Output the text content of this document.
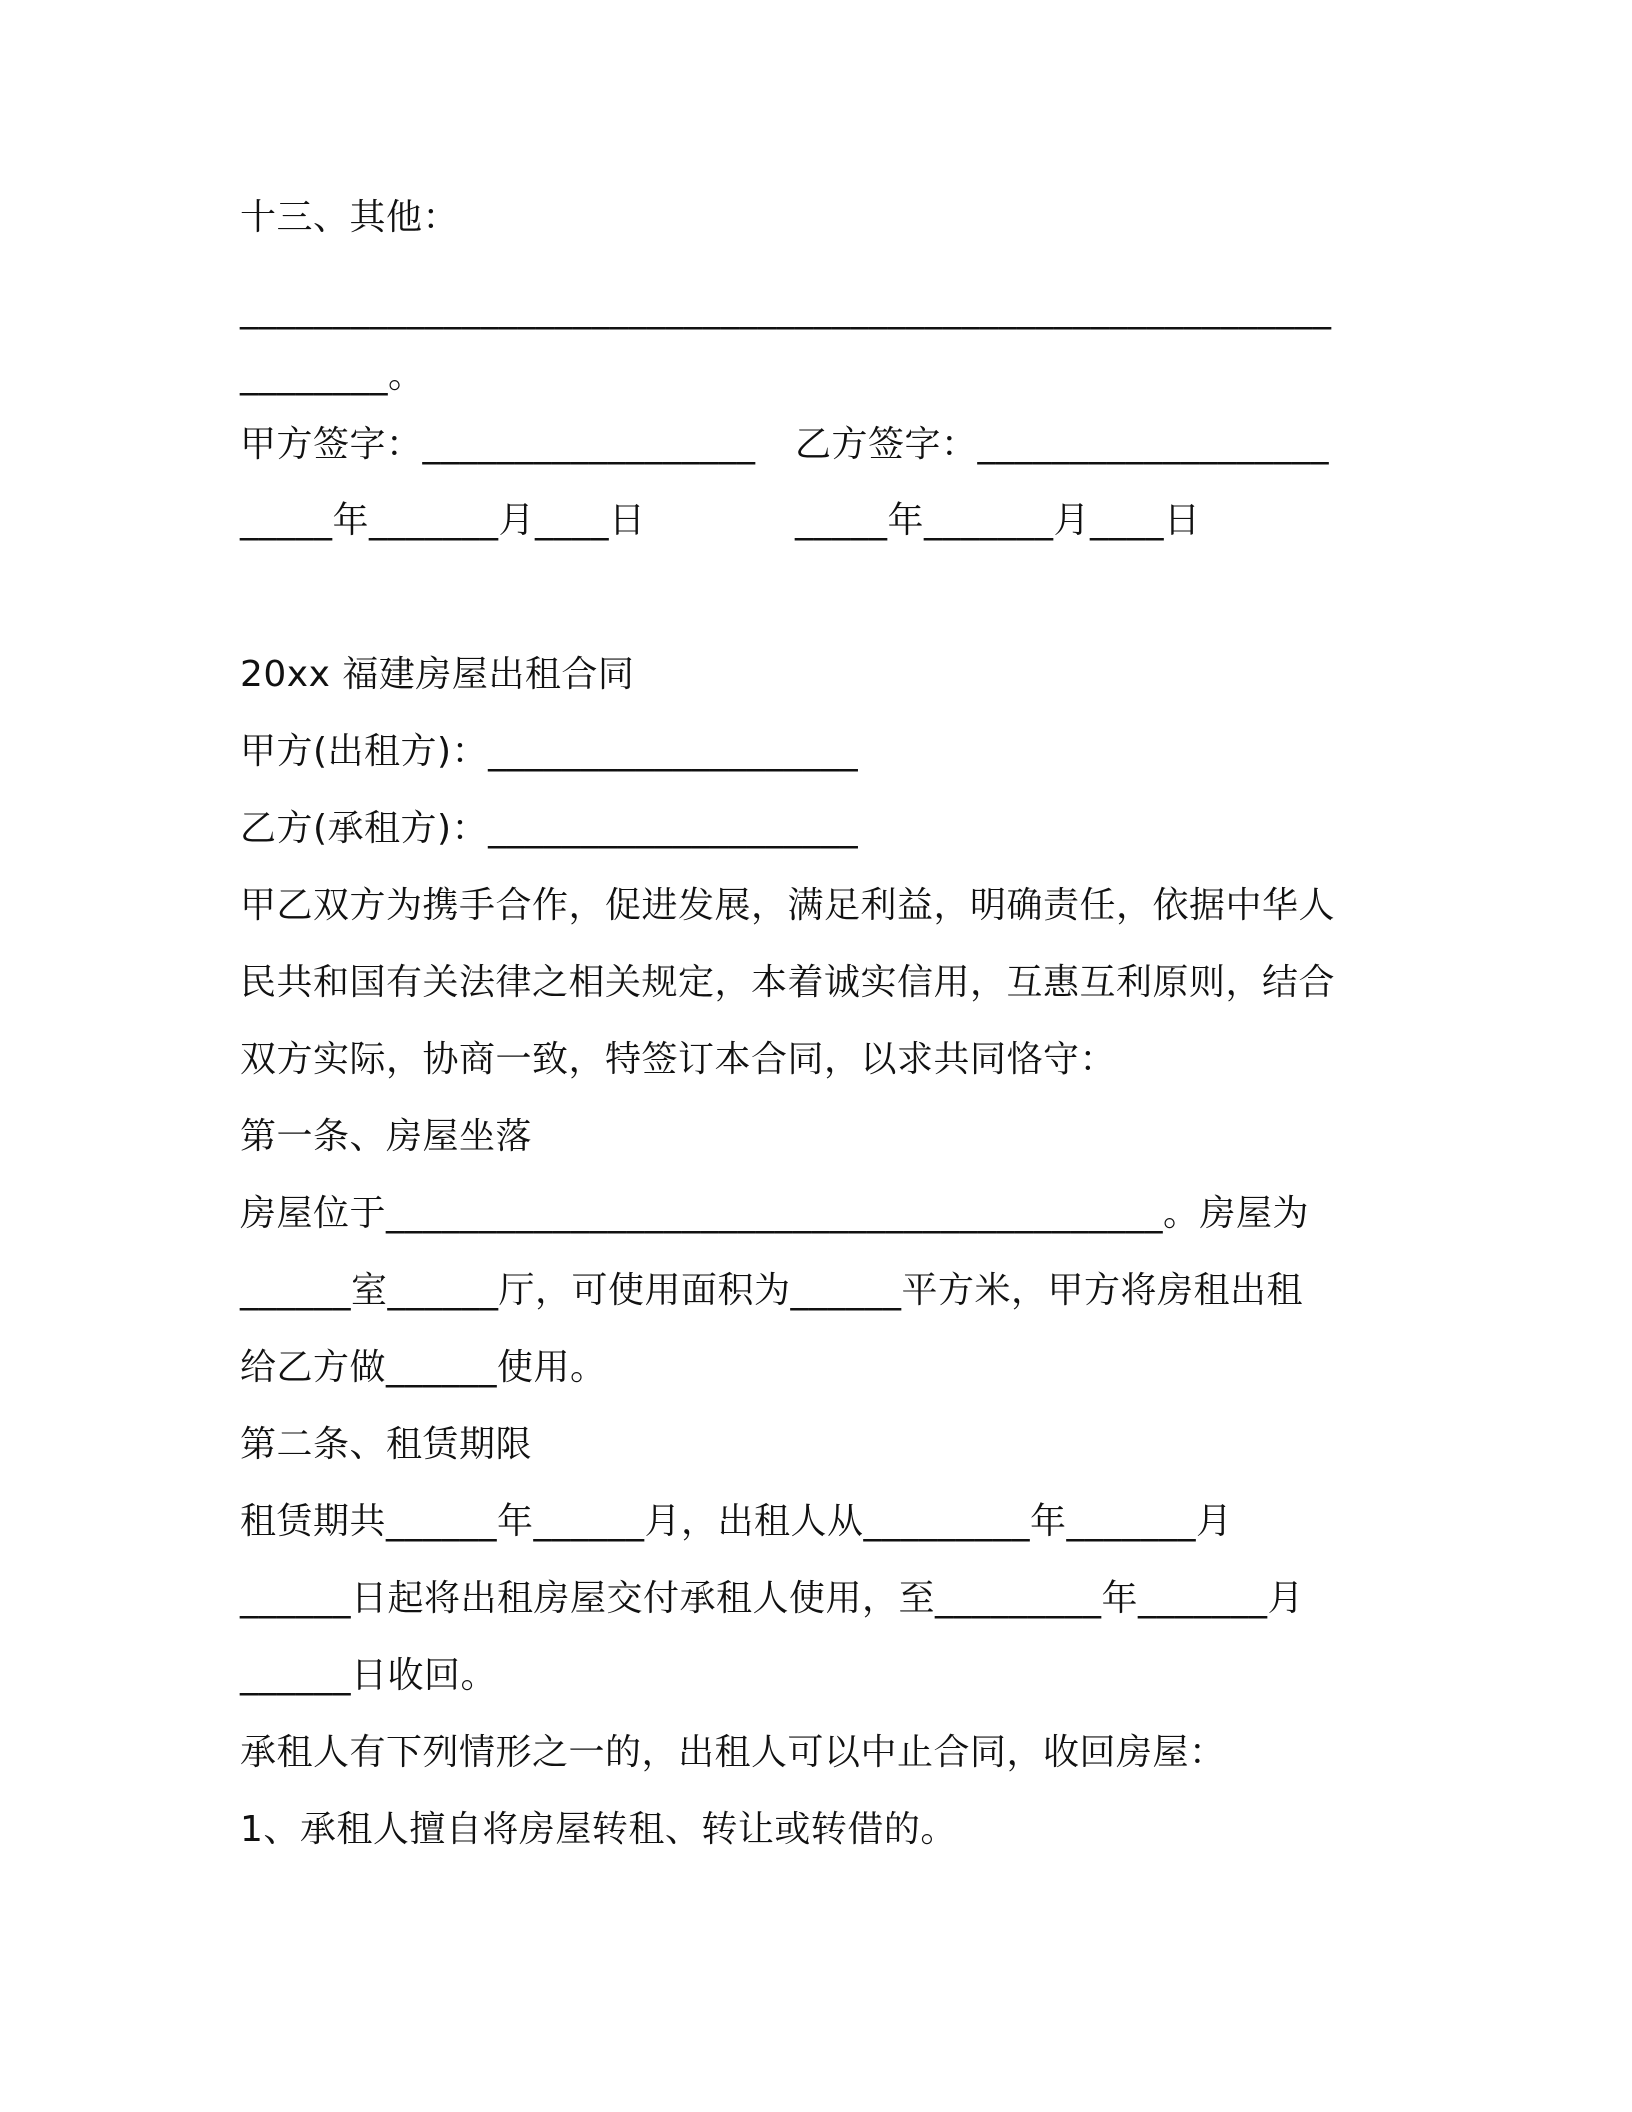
十三、其他：
___________________________________________________________
________。
甲方签字：__________________ 乙方签字：___________________
_____年_______月____日	_____年_______月____日
20xx 福建房屋出租合同
甲方(出租方)：____________________
乙方(承租方)：____________________
甲乙双方为携手合作，促进发展，满足利益，明确责任，依据中华人
民共和国有关法律之相关规定，本着诚实信用，互惠互利原则，结合
双方实际，协商一致，特签订本合同，以求共同恪守：
第一条、房屋坐落
房屋位于__________________________________________。房屋为
______室______厅，可使用面积为______平方米，甲方将房租出租
给乙方做______使用。
第二条、租赁期限
租赁期共______年______月，出租人从_________年_______月
______日起将出租房屋交付承租人使用，至_________年_______月
______日收回。
承租人有下列情形之一的，出租人可以中止合同，收回房屋：
1、承租人擅自将房屋转租、转让或转借的。
